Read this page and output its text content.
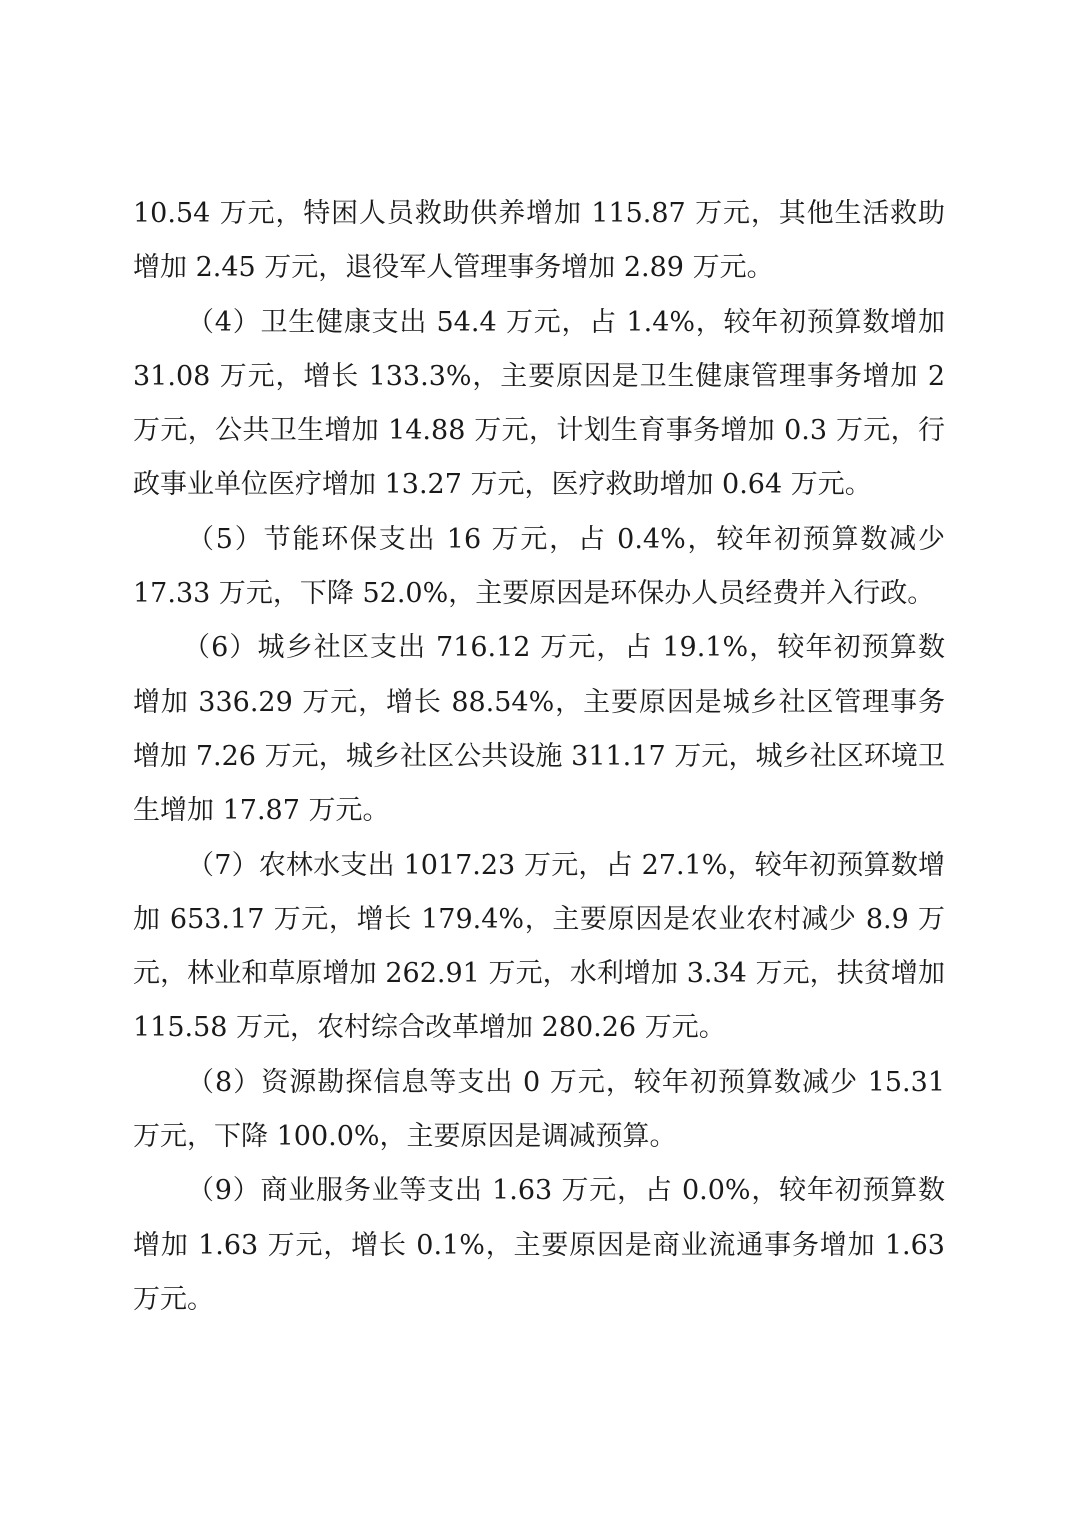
10.54 万元，特困人员救助供养增加 115.87 万元，其他生活救助增加 2.45 万元，退役军人管理事务增加 2.89 万元。

（4）卫生健康支出 54.4 万元，占 1.4%，较年初预算数增加 31.08 万元，增长 133.3%，主要原因是卫生健康管理事务增加 2 万元，公共卫生增加 14.88 万元，计划生育事务增加 0.3 万元，行政事业单位医疗增加 13.27 万元，医疗救助增加 0.64 万元。

（5）节能环保支出 16 万元，占 0.4%，较年初预算数减少 17.33 万元，下降 52.0%，主要原因是环保办人员经费并入行政。

（6）城乡社区支出 716.12 万元，占 19.1%，较年初预算数增加 336.29 万元，增长 88.54%，主要原因是城乡社区管理事务增加 7.26 万元，城乡社区公共设施 311.17 万元，城乡社区环境卫生增加 17.87 万元。

（7）农林水支出 1017.23 万元，占 27.1%，较年初预算数增加 653.17 万元，增长 179.4%，主要原因是农业农村减少 8.9 万元，林业和草原增加 262.91 万元，水利增加 3.34 万元，扶贫增加 115.58 万元，农村综合改革增加 280.26 万元。

（8）资源勘探信息等支出 0 万元，较年初预算数减少 15.31 万元，下降 100.0%，主要原因是调减预算。

（9）商业服务业等支出 1.63 万元，占 0.0%，较年初预算数增加 1.63 万元，增长 0.1%，主要原因是商业流通事务增加 1.63 万元。
